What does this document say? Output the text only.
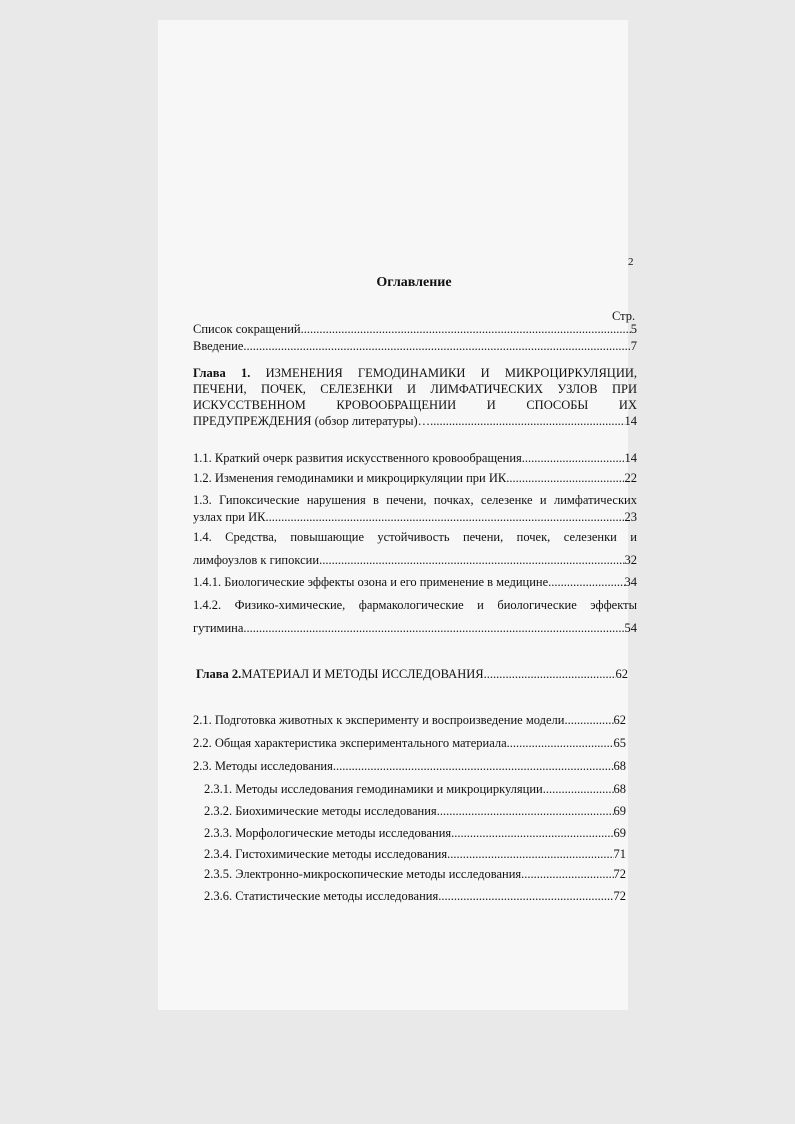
2
Оглавление
Стр.
Список сокращений .....	5
Введение .....	7
Глава 1. ИЗМЕНЕНИЯ ГЕМОДИНАМИКИ И МИКРОЦИРКУЛЯЦИИ,
ПЕЧЕНИ, ПОЧЕК, СЕЛЕЗЕНКИ И ЛИМФАТИЧЕСКИХ УЗЛОВ ПРИ
ИСКУССТВЕННОМ КРОВООБРАЩЕНИИ И СПОСОБЫ ИХ
ПРЕДУПРЕЖДЕНИЯ (обзор литературы)… .....	14
1.1. Краткий очерк развития искусственного кровообращения .....	14
1.2. Изменения гемодинамики и микроциркуляции при ИК .....	22
1.3. Гипоксические нарушения в печени, почках, селезенке и лимфатических
узлах при ИК .....	23
1.4. Средства, повышающие устойчивость печени, почек, селезенки и
лимфоузлов к гипоксии .....	32
1.4.1. Биологические эффекты озона и его применение в медицине .....	34
1.4.2. Физико-химические, фармакологические и биологические эффекты
гутимина .....	54
Глава 2. МАТЕРИАЛ И МЕТОДЫ ИССЛЕДОВАНИЯ .....	62
2.1. Подготовка животных к эксперименту и воспроизведение модели .....	62
2.2. Общая характеристика экспериментального материала .....	65
2.3. Методы исследования .....	68
2.3.1. Методы исследования гемодинамики и микроциркуляции .....	68
2.3.2. Биохимические методы исследования .....	69
2.3.3. Морфологические методы исследования .....	69
2.3.4. Гистохимические методы исследования .....	71
2.3.5. Электронно-микроскопические методы исследования .....	72
2.3.6. Статистические методы исследования .....	72
